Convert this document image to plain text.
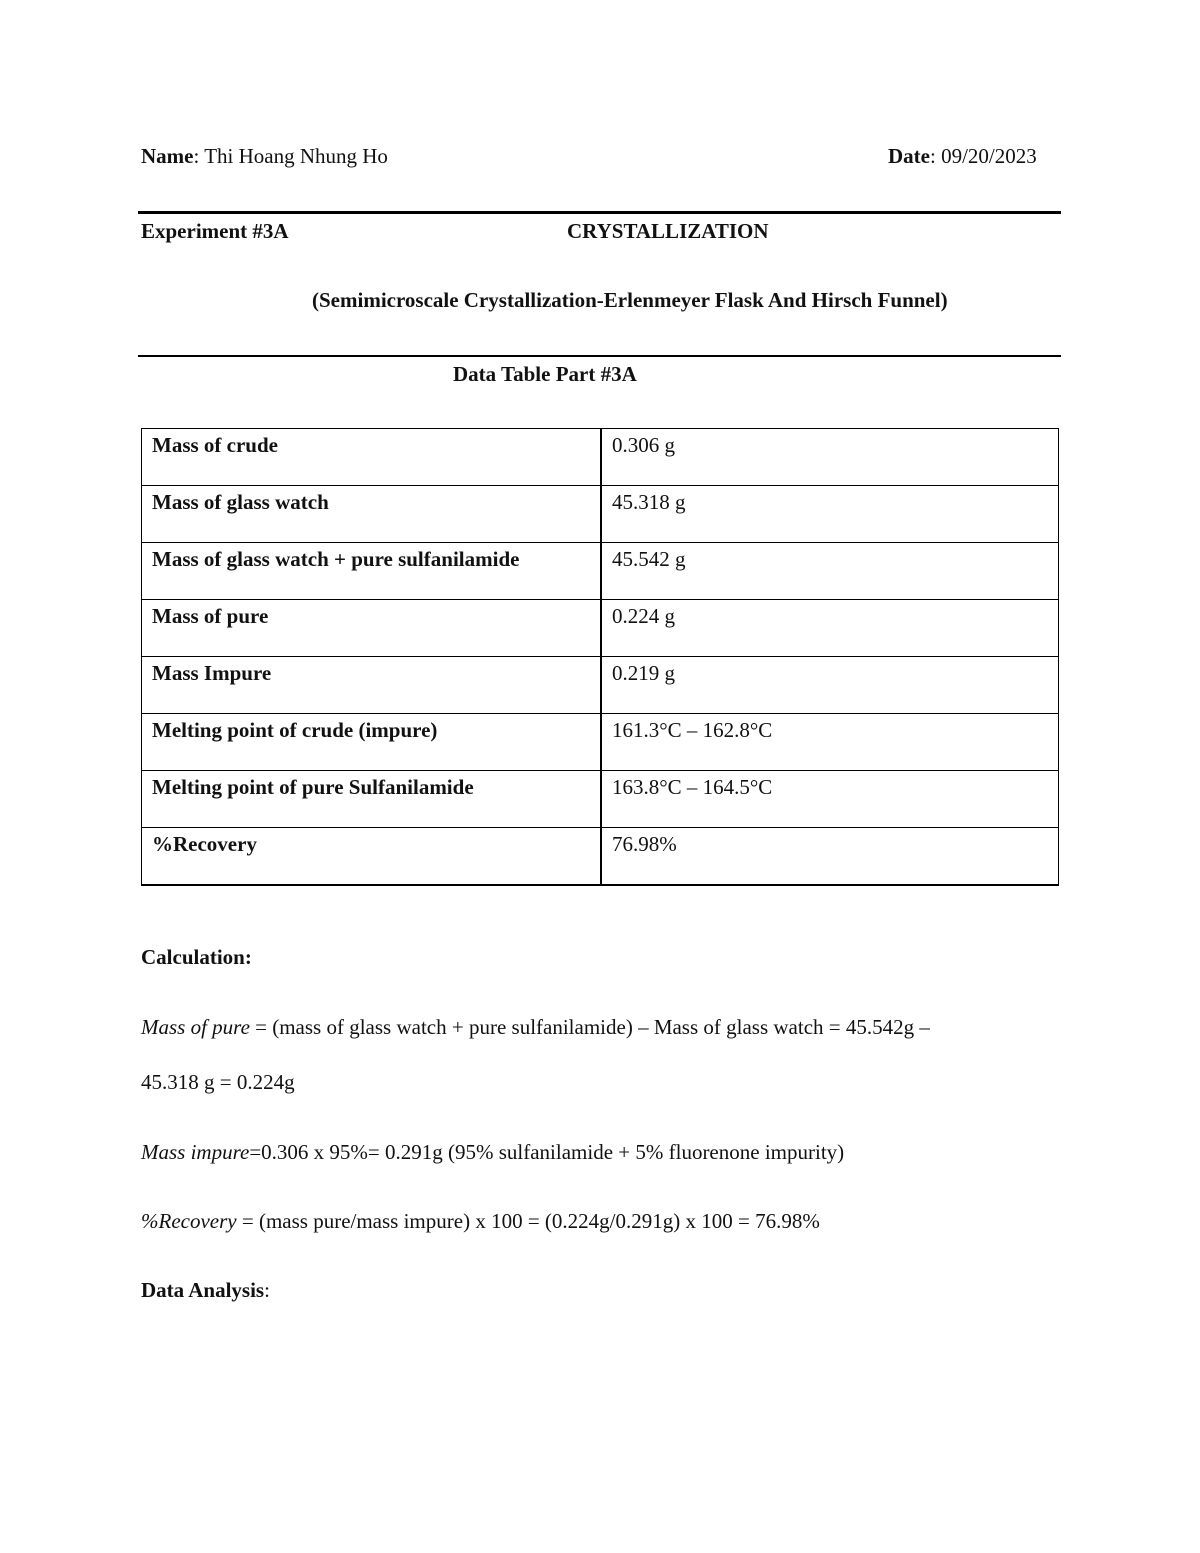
Name: Thi Hoang Nhung Ho	Date: 09/20/2023
Experiment #3A	CRYSTALLIZATION
(Semimicroscale Crystallization-Erlenmeyer Flask And Hirsch Funnel)
Data Table Part #3A
Mass of crude	0.306 g
Mass of glass watch	45.318 g
Mass of glass watch + pure sulfanilamide	45.542 g
Mass of pure	0.224 g
Mass Impure	0.219 g
Melting point of crude (impure)	161.3°C – 162.8°C
Melting point of pure Sulfanilamide	163.8°C – 164.5°C
%Recovery	76.98%
Calculation:
Mass of pure = (mass of glass watch + pure sulfanilamide) – Mass of glass watch = 45.542g –
45.318 g = 0.224g
Mass impure=0.306 x 95%= 0.291g (95% sulfanilamide + 5% fluorenone impurity)
%Recovery = (mass pure/mass impure) x 100 = (0.224g/0.291g) x 100 = 76.98%
Data Analysis:
